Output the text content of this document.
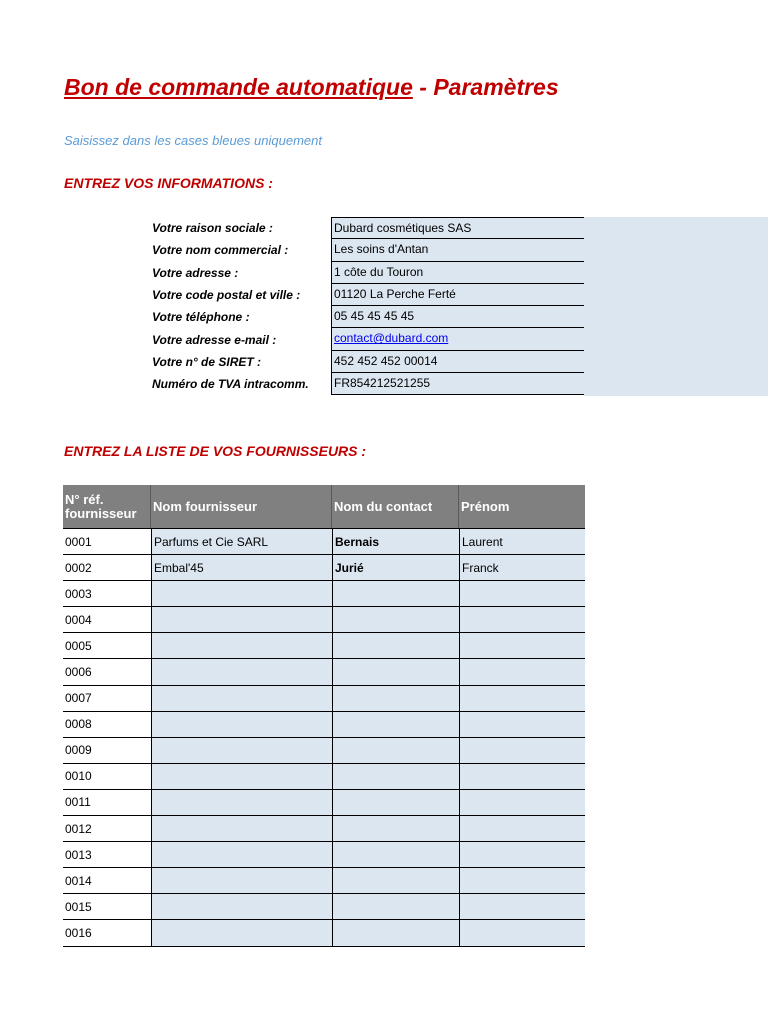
Bon de commande automatique - Paramètres
Saisissez dans les cases bleues uniquement
ENTREZ VOS INFORMATIONS :
Votre raison sociale :	Dubard cosmétiques SAS
Votre nom commercial :	Les soins d'Antan
Votre adresse :	1 côte du Touron
Votre code postal et ville :	01120 La Perche Ferté
Votre téléphone :	05 45 45 45 45
Votre adresse e-mail :	contact@dubard.com
Votre n° de SIRET :	452 452 452 00014
Numéro de TVA intracomm.	FR854212521255
ENTREZ LA LISTE DE VOS FOURNISSEURS :
N° réf. fournisseur	Nom fournisseur	Nom du contact	Prénom
0001	Parfums et Cie SARL	Bernais	Laurent
0002	Embal'45	Jurié	Franck
0003
0004
0005
0006
0007
0008
0009
0010
0011
0012
0013
0014
0015
0016
